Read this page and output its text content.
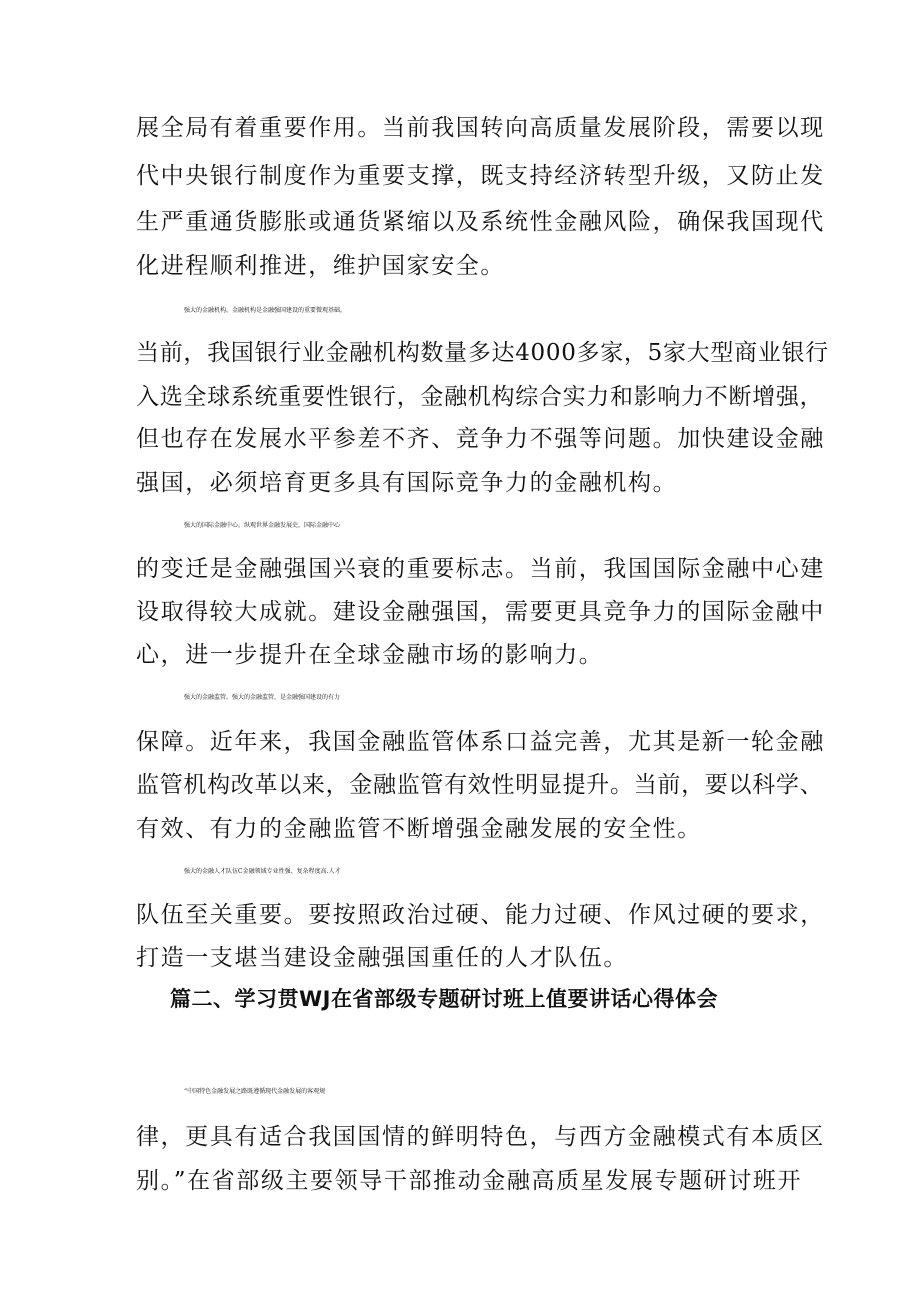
展全局有着重要作用。当前我国转向高质量发展阶段，需要以现
代中央银行制度作为重要支撑，既支持经济转型升级，又防止发
生严重通货膨胀或通货紧缩以及系统性金融风险，确保我国现代
化进程顺利推进，维护国家安全。
强大的金融机构。金融机构是金融强国建设的重要微观基础。
当前，我国银行业金融机构数量多达4000多家，5家大型商业银行
入选全球系统重要性银行，金融机构综合实力和影响力不断增强，
但也存在发展水平参差不齐、竞争力不强等问题。加快建设金融
强国，必须培育更多具有国际竞争力的金融机构。
强大的国际金融中心。纵观世界金融发展史，国际金融中心
的变迁是金融强国兴衰的重要标志。当前，我国国际金融中心建
设取得较大成就。建设金融强国，需要更具竞争力的国际金融中
心，进一步提升在全球金融市场的影响力。
强大的金融监管。强大的金融监管，是金融强国建设的有力
保障。近年来，我国金融监管体系口益完善，尤其是新一轮金融
监管机构改革以来，金融监管有效性明显提升。当前，要以科学、
有效、有力的金融监管不断增强金融发展的安全性。
强大的金融人才队伍C金融领域专业性强、复杂程度高.人才
队伍至关重要。要按照政治过硬、能力过硬、作风过硬的要求，
打造一支堪当建设金融强国重任的人才队伍。
篇二、学习贯WJ在省部级专题研讨班上值要讲话心得体会
“中国特色金融发展之路既遵循现代金融发展的客观规
律，更具有适合我国国情的鲜明特色，与西方金融模式有本质区
别。”在省部级主要领导干部推动金融高质星发展专题研讨班开
